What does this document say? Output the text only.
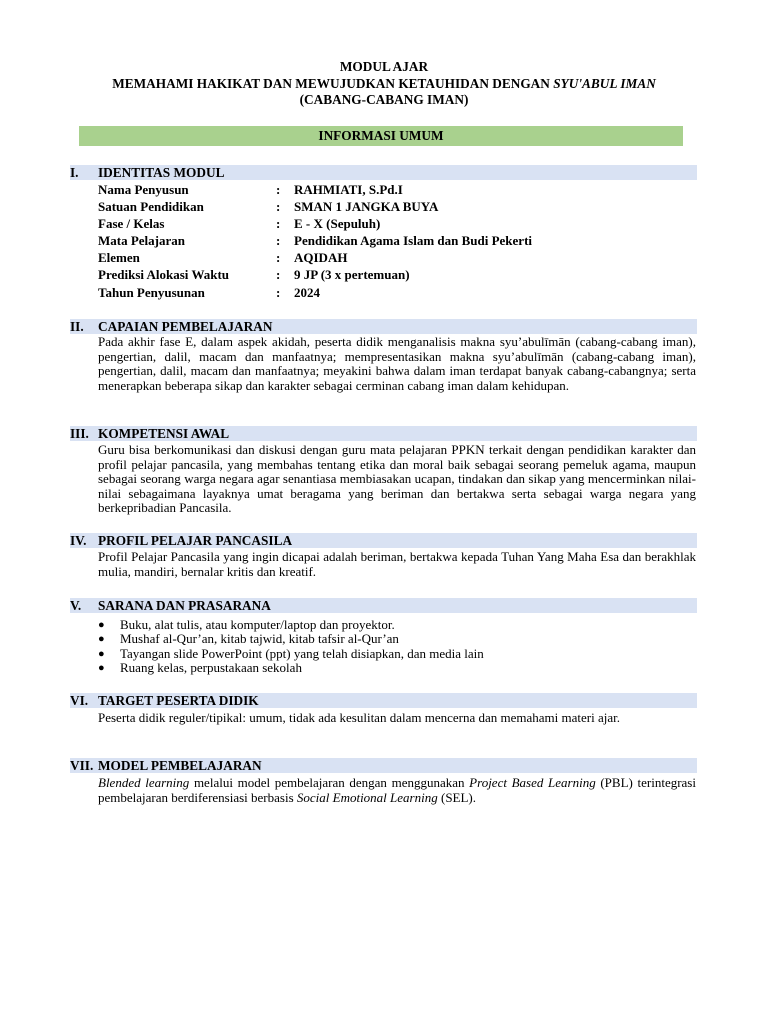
MODUL AJAR
MEMAHAMI HAKIKAT DAN MEWUJUDKAN KETAUHIDAN DENGAN SYU'ABUL IMAN
(CABANG-CABANG IMAN)
INFORMASI UMUM
I. IDENTITAS MODUL
Nama Penyusun	: RAHMIATI, S.Pd.I
Satuan Pendidikan	: SMAN 1 JANGKA BUYA
Fase / Kelas	: E - X (Sepuluh)
Mata Pelajaran	: Pendidikan Agama Islam dan Budi Pekerti
Elemen	: AQIDAH
Prediksi Alokasi Waktu	: 9 JP (3 x pertemuan)
Tahun Penyusunan	: 2024
II. CAPAIAN PEMBELAJARAN
Pada akhir fase E, dalam aspek akidah, peserta didik menganalisis makna syu’abulīmān (cabang-cabang iman), pengertian, dalil, macam dan manfaatnya; mempresentasikan makna syu’abulīmān (cabang-cabang iman), pengertian, dalil, macam dan manfaatnya; meyakini bahwa dalam iman terdapat banyak cabang-cabangnya; serta menerapkan beberapa sikap dan karakter sebagai cerminan cabang iman dalam kehidupan.
III. KOMPETENSI AWAL
Guru bisa berkomunikasi dan diskusi dengan guru mata pelajaran PPKN terkait dengan pendidikan karakter dan profil pelajar pancasila, yang membahas tentang etika dan moral baik sebagai seorang pemeluk agama, maupun sebagai seorang warga negara agar senantiasa membiasakan ucapan, tindakan dan sikap yang mencerminkan nilai-nilai sebagaimana layaknya umat beragama yang beriman dan bertakwa serta sebagai warga negara yang berkepribadian Pancasila.
IV. PROFIL PELAJAR PANCASILA
Profil Pelajar Pancasila yang ingin dicapai adalah beriman, bertakwa kepada Tuhan Yang Maha Esa dan berakhlak mulia, mandiri, bernalar kritis dan kreatif.
V. SARANA DAN PRASARANA
● Buku, alat tulis, atau komputer/laptop dan proyektor.
● Mushaf al-Qur’an, kitab tajwid, kitab tafsir al-Qur’an
● Tayangan slide PowerPoint (ppt) yang telah disiapkan, dan media lain
● Ruang kelas, perpustakaan sekolah
VI. TARGET PESERTA DIDIK
Peserta didik reguler/tipikal: umum, tidak ada kesulitan dalam mencerna dan memahami materi ajar.
VII. MODEL PEMBELAJARAN
Blended learning melalui model pembelajaran dengan menggunakan Project Based Learning (PBL) terintegrasi pembelajaran berdiferensiasi berbasis Social Emotional Learning (SEL).
